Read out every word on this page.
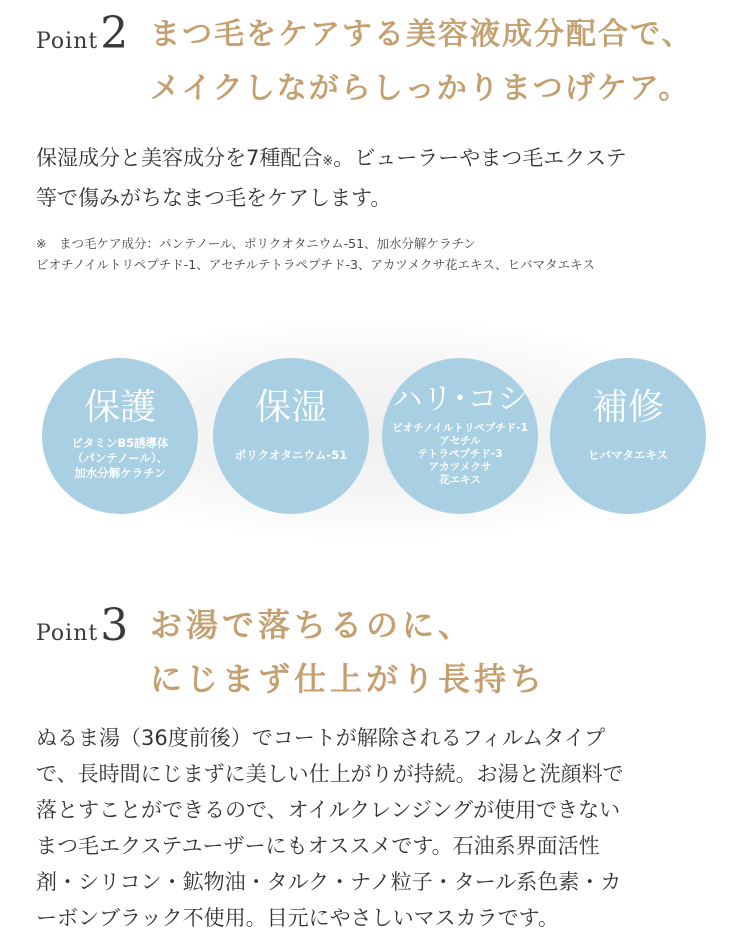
Point2 まつ毛をケアする美容液成分配合で、
メイクしながらしっかりまつげケア。
保湿成分と美容成分を7種配合※。ビューラーやまつ毛エクステ
等で傷みがちなまつ毛をケアします。
※　まつ毛ケア成分：パンテノール、ポリクオタニウム-51、加水分解ケラチン
ビオチノイルトリペプチド-1、アセチルテトラペプチド-3、アカツメクサ花エキス、ヒバマタエキス
保護
ビタミンB5誘導体
（パンテノール）、
加水分解ケラチン
保湿
ポリクオタニウム-51
ハリ･コシ
ビオチノイルトリペプチド-1
アセチル
テトラペプチド-3
アカツメクサ
花エキス
補修
ヒバマタエキス
Point3 お湯で落ちるのに、
にじまず仕上がり長持ち
ぬるま湯（36度前後）でコートが解除されるフィルムタイプ
で、長時間にじまずに美しい仕上がりが持続。お湯と洗顔料で
落とすことができるので、オイルクレンジングが使用できない
まつ毛エクステユーザーにもオススメです。石油系界面活性
剤・シリコン・鉱物油・タルク・ナノ粒子・タール系色素・カ
ーボンブラック不使用。目元にやさしいマスカラです。
